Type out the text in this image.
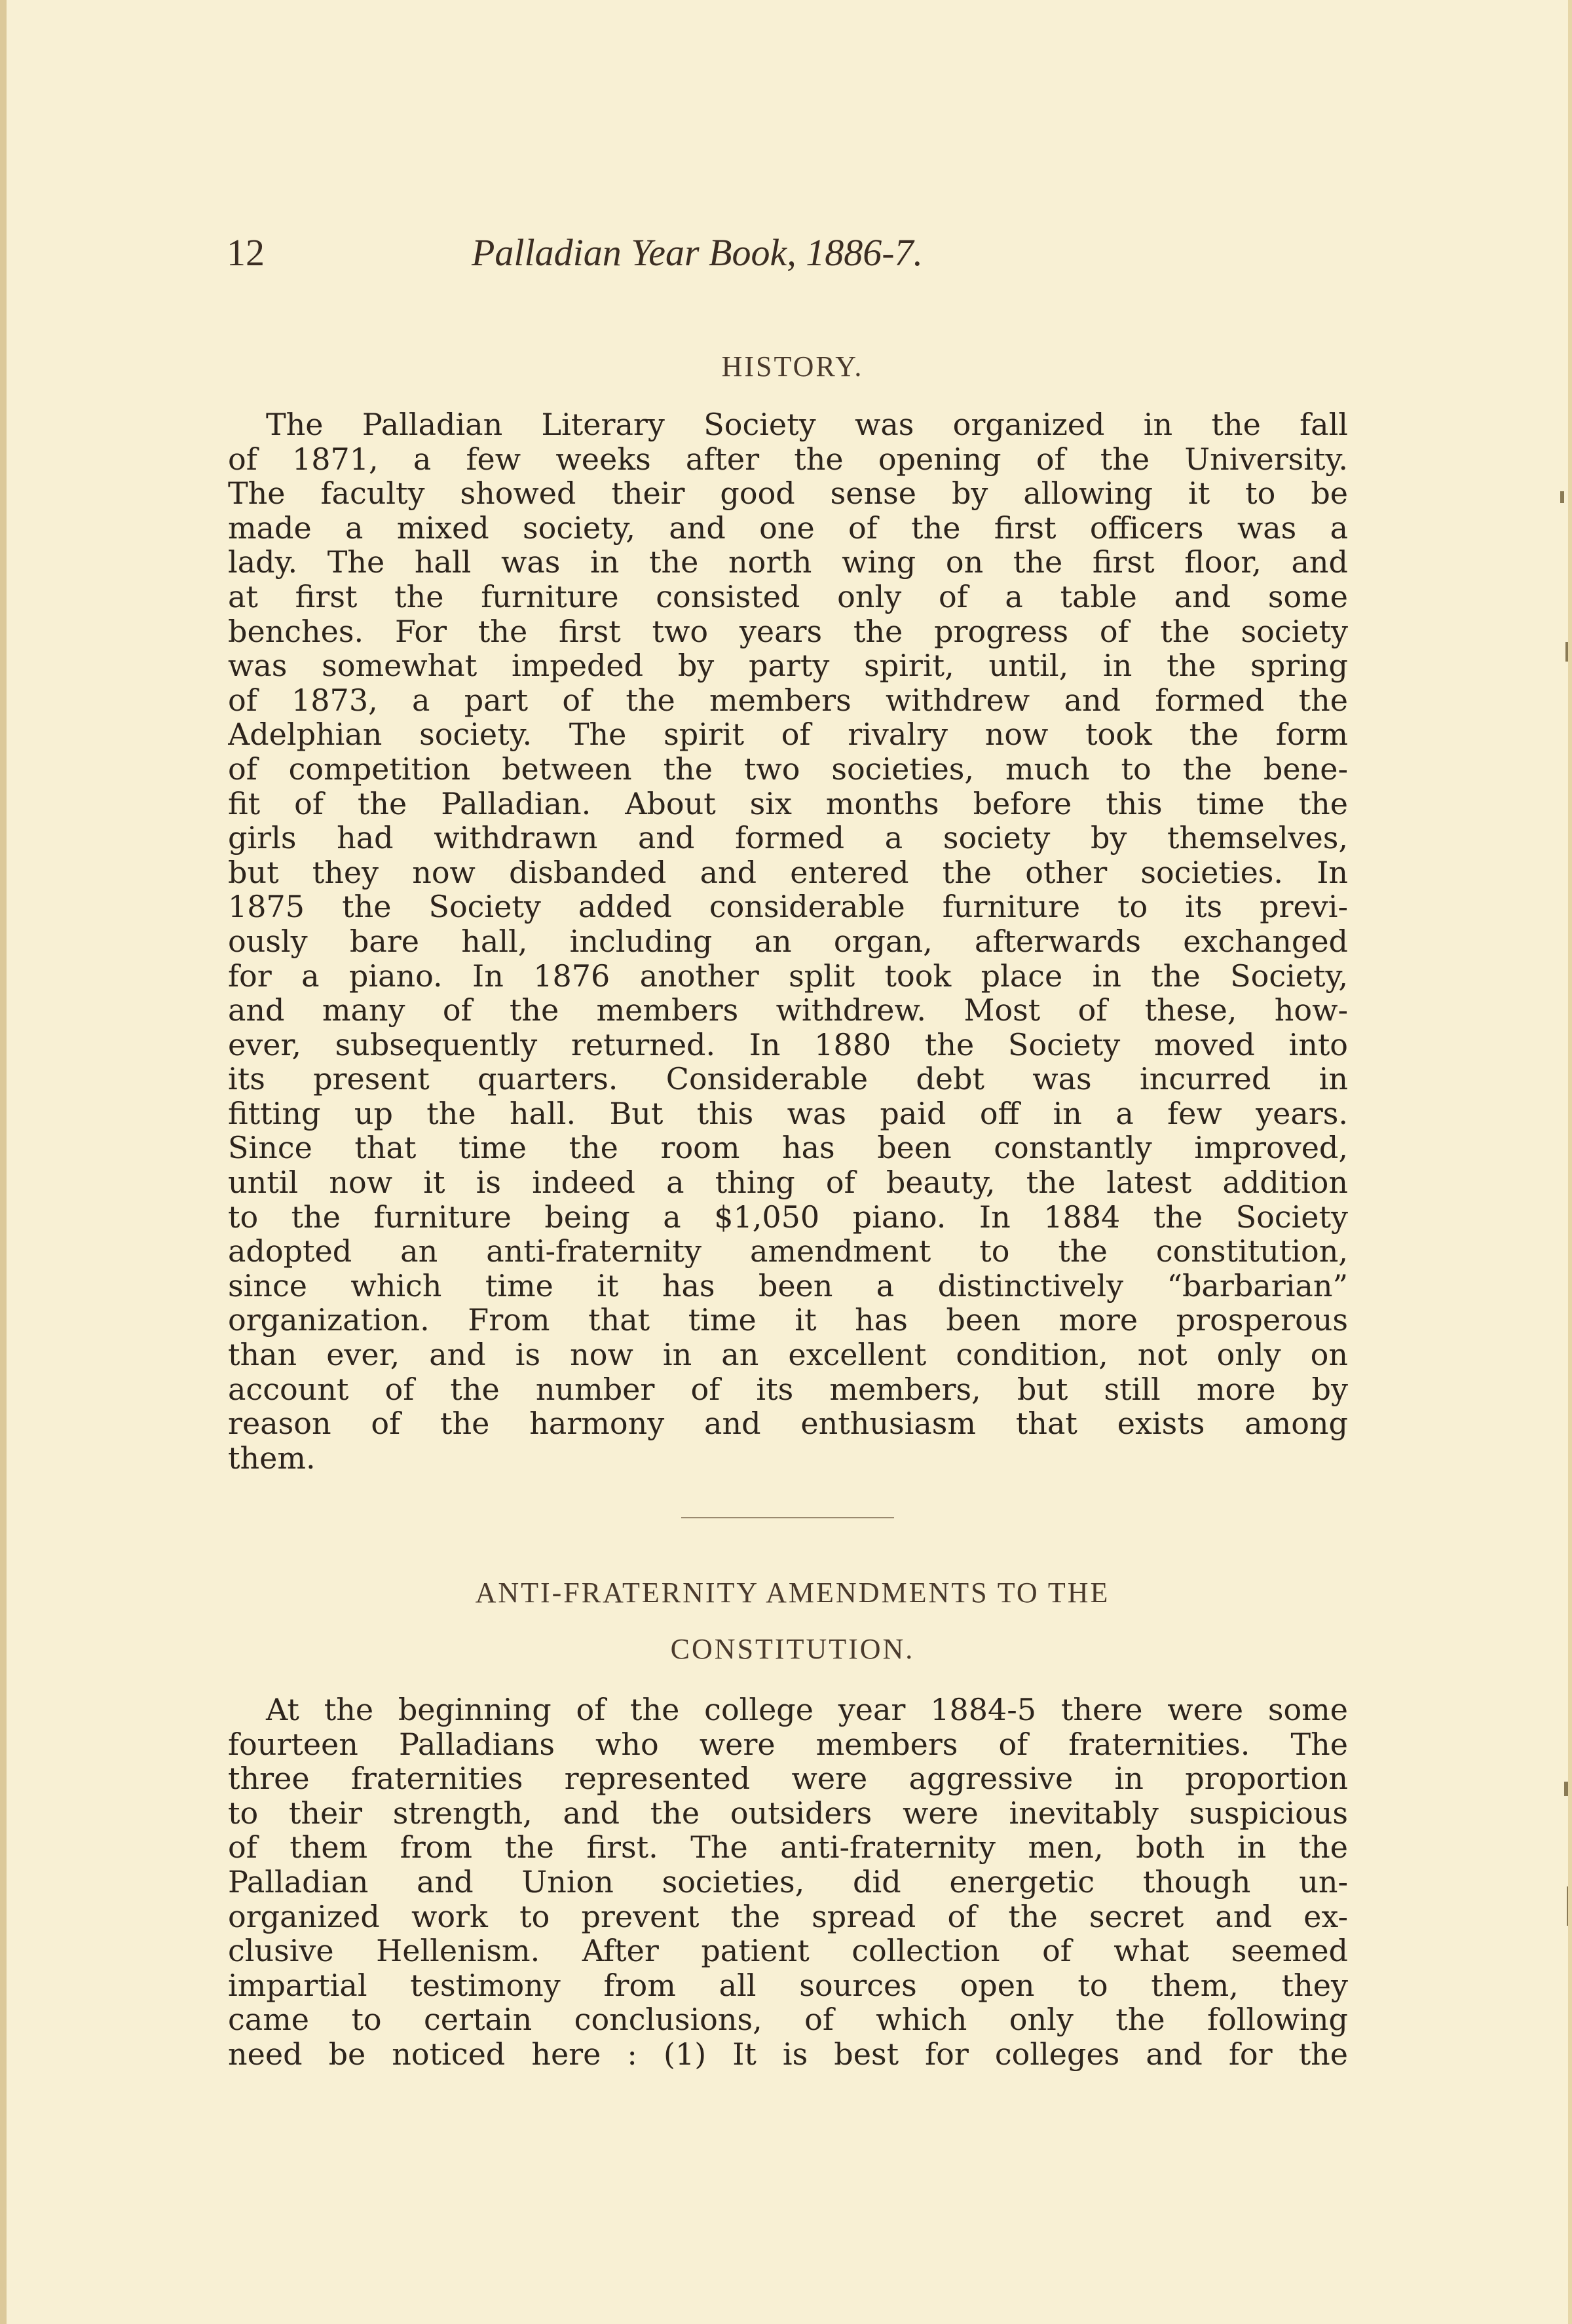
12	Palladian Year Book, 1886-7.
HISTORY.
The Palladian Literary Society was organized in the fall
of 1871, a few weeks after the opening of the University.
The faculty showed their good sense by allowing it to be
made a mixed society, and one of the first officers was a
lady. The hall was in the north wing on the first floor, and
at first the furniture consisted only of a table and some
benches. For the first two years the progress of the society
was somewhat impeded by party spirit, until, in the spring
of 1873, a part of the members withdrew and formed the
Adelphian society. The spirit of rivalry now took the form
of competition between the two societies, much to the bene-
fit of the Palladian. About six months before this time the
girls had withdrawn and formed a society by themselves,
but they now disbanded and entered the other societies. In
1875 the Society added considerable furniture to its previ-
ously bare hall, including an organ, afterwards exchanged
for a piano. In 1876 another split took place in the Society,
and many of the members withdrew. Most of these, how-
ever, subsequently returned. In 1880 the Society moved into
its present quarters. Considerable debt was incurred in
fitting up the hall. But this was paid off in a few years.
Since that time the room has been constantly improved,
until now it is indeed a thing of beauty, the latest addition
to the furniture being a $1,050 piano. In 1884 the Society
adopted an anti-fraternity amendment to the constitution,
since which time it has been a distinctively “barbarian”
organization. From that time it has been more prosperous
than ever, and is now in an excellent condition, not only on
account of the number of its members, but still more by
reason of the harmony and enthusiasm that exists among
them.
ANTI-FRATERNITY AMENDMENTS TO THE
CONSTITUTION.
At the beginning of the college year 1884-5 there were some
fourteen Palladians who were members of fraternities. The
three fraternities represented were aggressive in proportion
to their strength, and the outsiders were inevitably suspicious
of them from the first. The anti-fraternity men, both in the
Palladian and Union societies, did energetic though un-
organized work to prevent the spread of the secret and ex-
clusive Hellenism. After patient collection of what seemed
impartial testimony from all sources open to them, they
came to certain conclusions, of which only the following
need be noticed here : (1) It is best for colleges and for the
